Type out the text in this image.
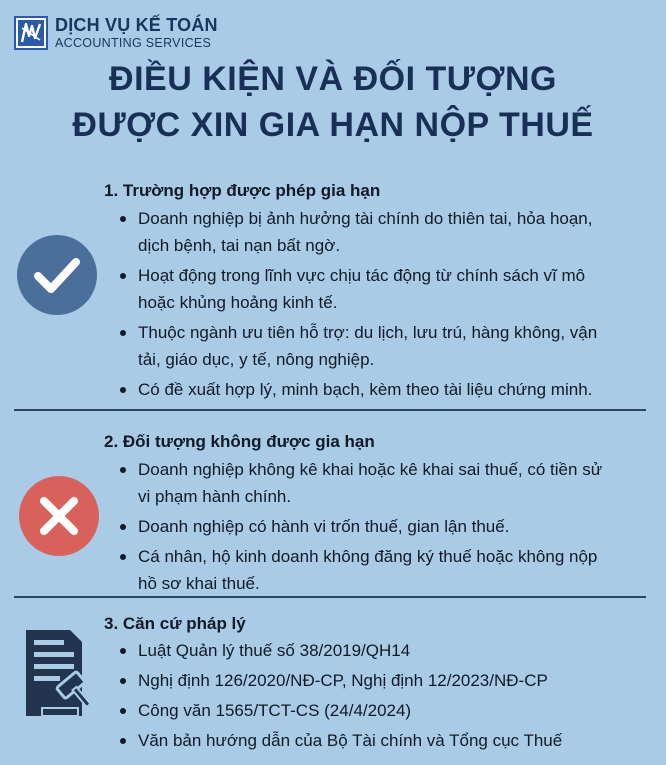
DỊCH VỤ KẾ TOÁN
ACCOUNTING SERVICES
ĐIỀU KIỆN VÀ ĐỐI TƯỢNG
ĐƯỢC XIN GIA HẠN NỘP THUẾ
1. Trường hợp được phép gia hạn
Doanh nghiệp bị ảnh hưởng tài chính do thiên tai, hỏa hoạn,
dịch bệnh, tai nạn bất ngờ.
Hoạt động trong lĩnh vực chịu tác động từ chính sách vĩ mô
hoặc khủng hoảng kinh tế.
Thuộc ngành ưu tiên hỗ trợ: du lịch, lưu trú, hàng không, vận
tải, giáo dục, y tế, nông nghiệp.
Có đề xuất hợp lý, minh bạch, kèm theo tài liệu chứng minh.
2. Đối tượng không được gia hạn
Doanh nghiệp không kê khai hoặc kê khai sai thuế, có tiền sử
vi phạm hành chính.
Doanh nghiệp có hành vi trốn thuế, gian lận thuế.
Cá nhân, hộ kinh doanh không đăng ký thuế hoặc không nộp
hồ sơ khai thuế.
3. Căn cứ pháp lý
Luật Quản lý thuế số 38/2019/QH14
Nghị định 126/2020/NĐ-CP, Nghị định 12/2023/NĐ-CP
Công văn 1565/TCT-CS (24/4/2024)
Văn bản hướng dẫn của Bộ Tài chính và Tổng cục Thuế
